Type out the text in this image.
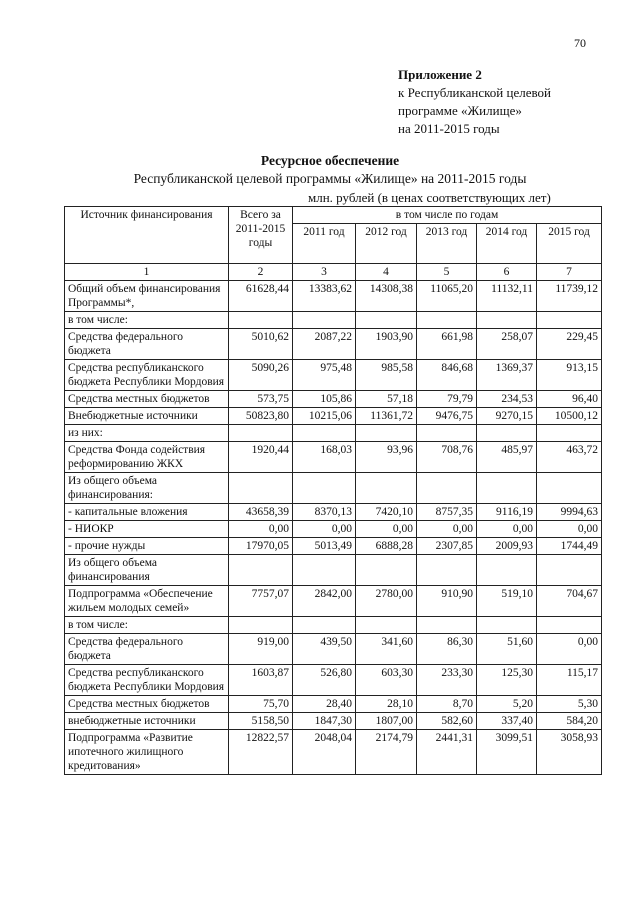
70
Приложение 2
к Республиканской целевой
программе «Жилище»
на 2011-2015 годы
Ресурсное обеспечение
Республиканской целевой программы «Жилище» на 2011-2015 годы
млн. рублей (в ценах соответствующих лет)
Источник финансирования	Всего за 2011-2015 годы	в том числе по годам				
		2011 год	2012 год	2013 год	2014 год	2015 год
1	2	3	4	5	6	7
Общий объем финансирования Программы*,	61628,44	13383,62	14308,38	11065,20	11132,11	11739,12
в том числе:						
Средства федерального бюджета	5010,62	2087,22	1903,90	661,98	258,07	229,45
Средства республиканского бюджета Республики Мордовия	5090,26	975,48	985,58	846,68	1369,37	913,15
Средства местных бюджетов	573,75	105,86	57,18	79,79	234,53	96,40
Внебюджетные источники	50823,80	10215,06	11361,72	9476,75	9270,15	10500,12
из них:						
Средства Фонда содействия реформированию ЖКХ	1920,44	168,03	93,96	708,76	485,97	463,72
Из общего объема финансирования:						
- капитальные вложения	43658,39	8370,13	7420,10	8757,35	9116,19	9994,63
- НИОКР	0,00	0,00	0,00	0,00	0,00	0,00
- прочие нужды	17970,05	5013,49	6888,28	2307,85	2009,93	1744,49
Из общего объема финансирования						
Подпрограмма «Обеспечение жильем молодых семей»	7757,07	2842,00	2780,00	910,90	519,10	704,67
в том числе:						
Средства федерального бюджета	919,00	439,50	341,60	86,30	51,60	0,00
Средства республиканского бюджета Республики Мордовия	1603,87	526,80	603,30	233,30	125,30	115,17
Средства местных бюджетов	75,70	28,40	28,10	8,70	5,20	5,30
внебюджетные источники	5158,50	1847,30	1807,00	582,60	337,40	584,20
Подпрограмма «Развитие ипотечного жилищного кредитования»	12822,57	2048,04	2174,79	2441,31	3099,51	3058,93
